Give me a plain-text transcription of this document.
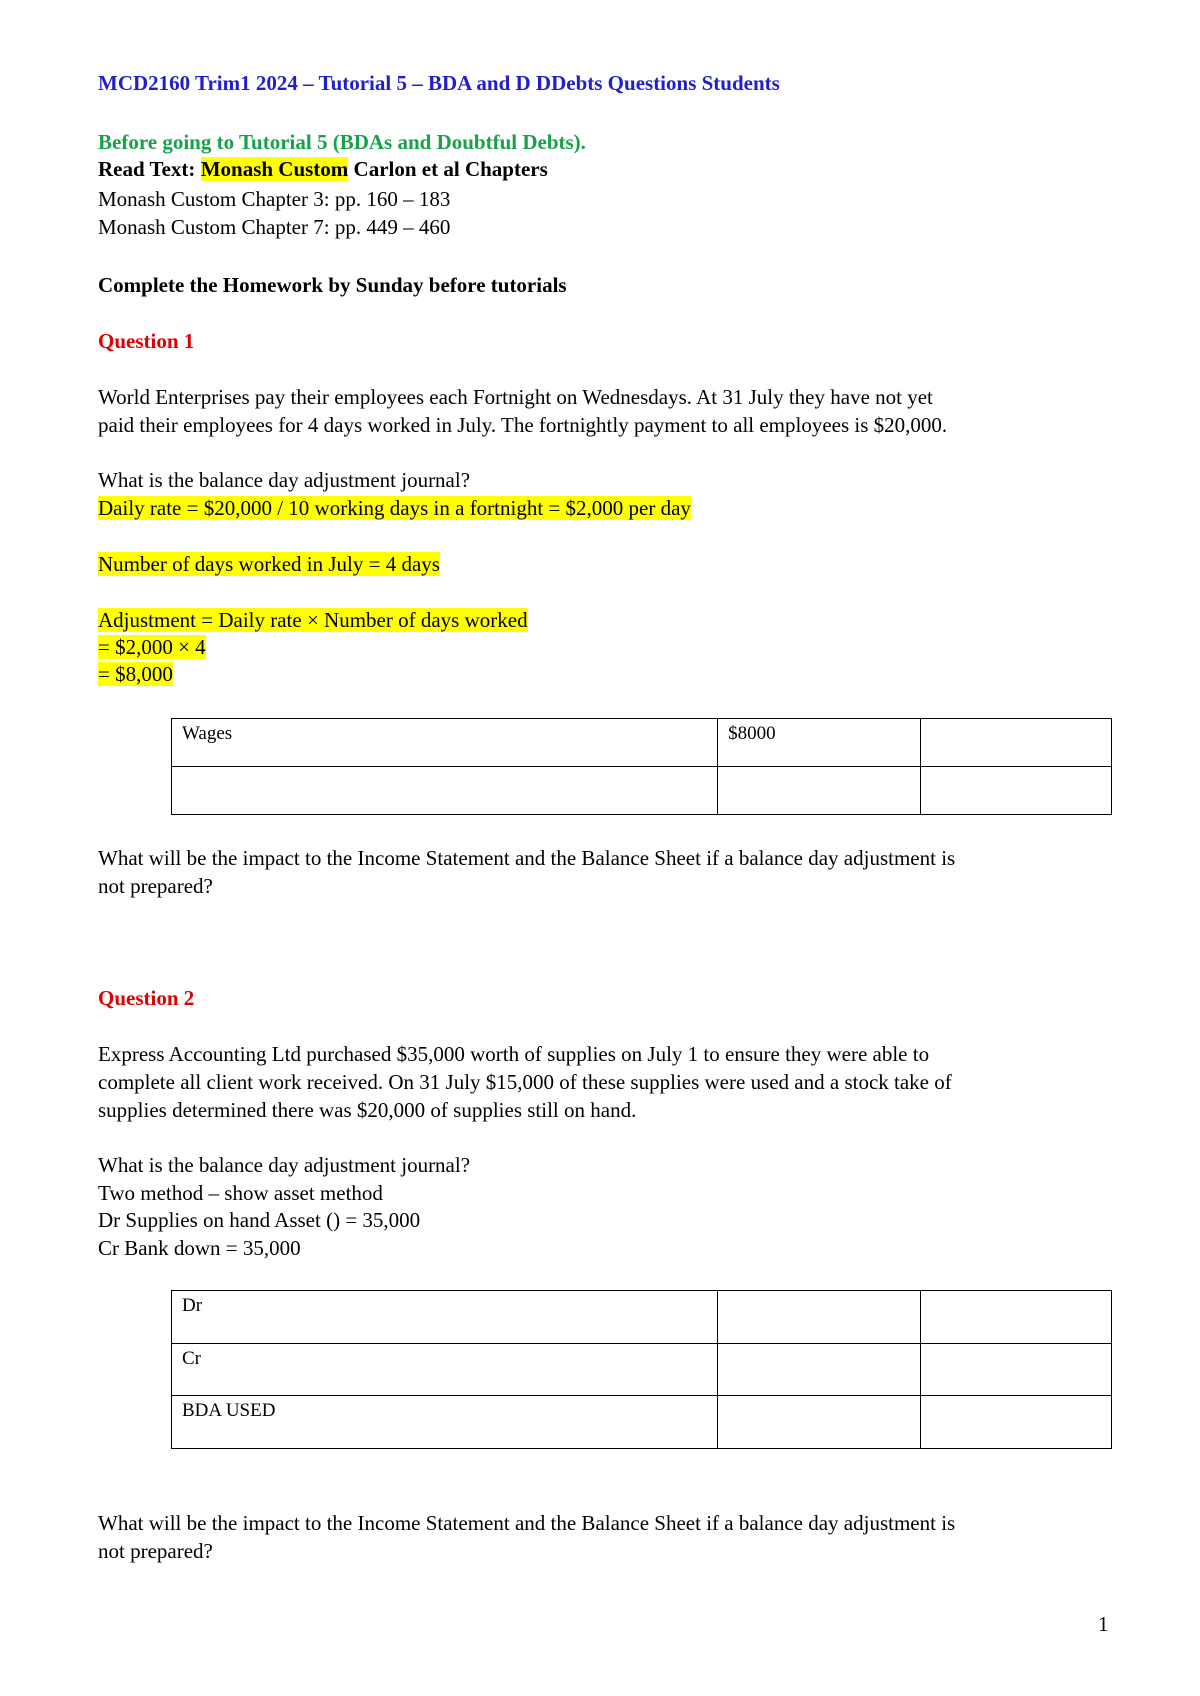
MCD2160 Trim1 2024 – Tutorial 5 – BDA and D DDebts Questions Students
Before going to Tutorial 5 (BDAs and Doubtful Debts).
Read Text: Monash Custom Carlon et al Chapters
Monash Custom Chapter 3: pp. 160 – 183
Monash Custom Chapter 7: pp. 449 – 460
Complete the Homework by Sunday before tutorials
Question 1
World Enterprises pay their employees each Fortnight on Wednesdays. At 31 July they have not yet
paid their employees for 4 days worked in July. The fortnightly payment to all employees is $20,000.
What is the balance day adjustment journal?
Daily rate = $20,000 / 10 working days in a fortnight = $2,000 per day
Number of days worked in July = 4 days
Adjustment = Daily rate × Number of days worked
= $2,000 × 4
= $8,000
Wages	$8000	

What will be the impact to the Income Statement and the Balance Sheet if a balance day adjustment is
not prepared?
Question 2
Express Accounting Ltd purchased $35,000 worth of supplies on July 1 to ensure they were able to
complete all client work received. On 31 July $15,000 of these supplies were used and a stock take of
supplies determined there was $20,000 of supplies still on hand.
What is the balance day adjustment journal?
Two method – show asset method
Dr Supplies on hand Asset () = 35,000
Cr Bank down = 35,000
Dr		
Cr		
BDA USED		
What will be the impact to the Income Statement and the Balance Sheet if a balance day adjustment is
not prepared?
1
